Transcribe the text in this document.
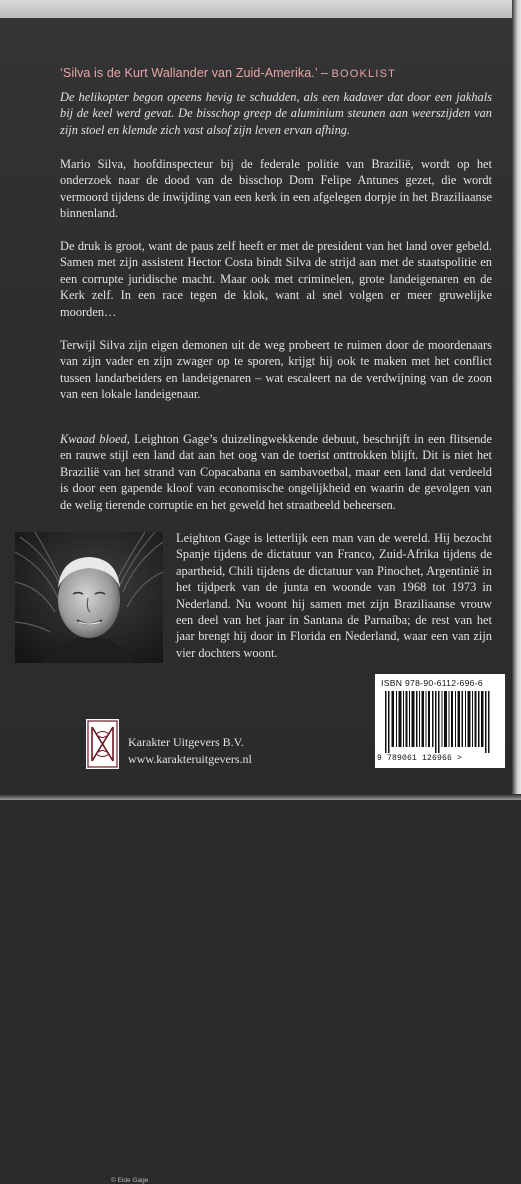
‘Silva is de Kurt Wallander van Zuid-Amerika.’ – BOOKLIST
De helikopter begon opeens hevig te schudden, als een kadaver dat door een jakhals bij de keel werd gevat. De bisschop greep de aluminium steunen aan weerszijden van zijn stoel en klemde zich vast alsof zijn leven ervan afhing.
Mario Silva, hoofdinspecteur bij de federale politie van Brazilië, wordt op het onderzoek naar de dood van de bisschop Dom Felipe Antunes gezet, die wordt vermoord tijdens de inwijding van een kerk in een afgelegen dorpje in het Braziliaanse binnenland.
De druk is groot, want de paus zelf heeft er met de president van het land over gebeld. Samen met zijn assistent Hector Costa bindt Silva de strijd aan met de staatspolitie en een corrupte juridische macht. Maar ook met criminelen, grote landeigenaren en de Kerk zelf. In een race tegen de klok, want al snel volgen er meer gruwelijke moorden…
Terwijl Silva zijn eigen demonen uit de weg probeert te ruimen door de moordenaars van zijn vader en zijn zwager op te sporen, krijgt hij ook te maken met het conflict tussen landarbeiders en landeigenaren – wat escaleert na de verdwijning van de zoon van een lokale landeigenaar.
Kwaad bloed, Leighton Gage’s duizelingwekkende debuut, beschrijft in een flitsende en rauwe stijl een land dat aan het oog van de toerist onttrokken blijft. Dit is niet het Brazilië van het strand van Copacabana en sambavoetbal, maar een land dat verdeeld is door een gapende kloof van economische ongelijkheid en waarin de gevolgen van de welig tierende corruptie en het geweld het straatbeeld beheersen.
© Eide Gage
Leighton Gage is letterlijk een man van de wereld. Hij bezocht Spanje tijdens de dictatuur van Franco, Zuid-Afrika tijdens de apartheid, Chili tijdens de dictatuur van Pinochet, Argentinië in het tijdperk van de junta en woonde van 1968 tot 1973 in Nederland. Nu woont hij samen met zijn Braziliaanse vrouw een deel van het jaar in Santana de Parnaíba; de rest van het jaar brengt hij door in Florida en Nederland, waar een van zijn vier dochters woont.
ISBN 978-90-6112-696-6
9 789061 126966 >
Karakter Uitgevers B.V.
www.karakteruitgevers.nl
